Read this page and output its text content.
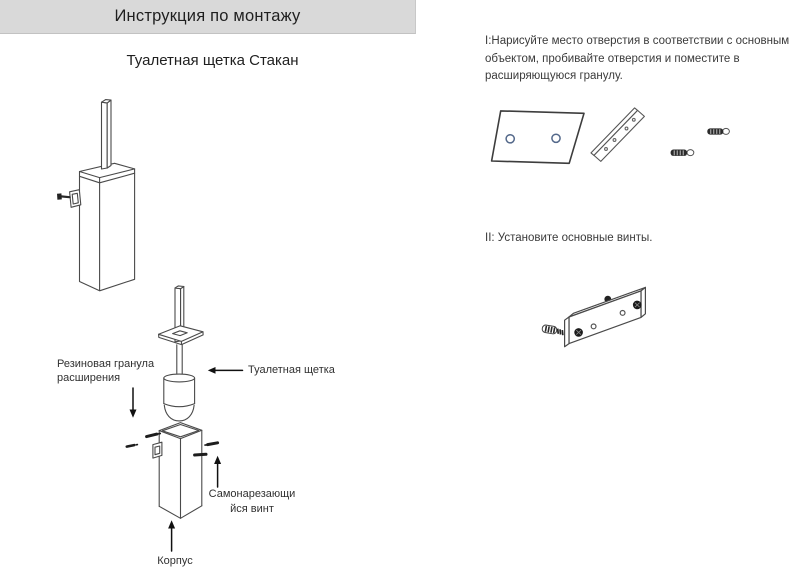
Инструкция по монтажу
Туалетная щетка Стакан
Резиновая гранула расширения
Туалетная щетка
Самонарезающийся винт
Корпус
I:Нарисуйте место отверстия в соответствии с основным объектом, пробивайте отверстия и поместите в расширяющуюся гранулу.
II: Установите основные винты.
